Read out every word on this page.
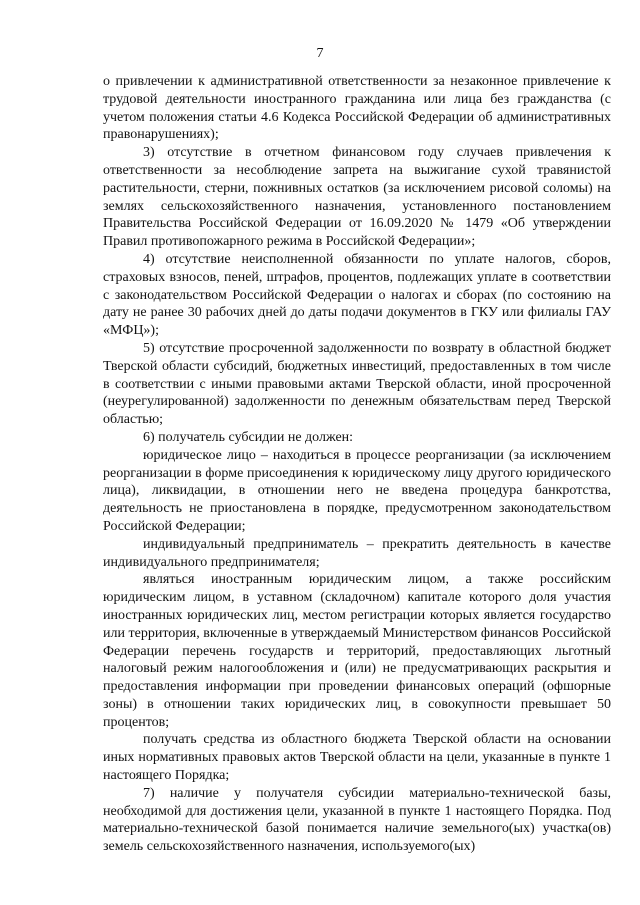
7

о привлечении к административной ответственности за незаконное привлечение к трудовой деятельности иностранного гражданина или лица без гражданства (с учетом положения статьи 4.6 Кодекса Российской Федерации об административных правонарушениях);

3) отсутствие в отчетном финансовом году случаев привлечения к ответственности за несоблюдение запрета на выжигание сухой травянистой растительности, стерни, пожнивных остатков (за исключением рисовой соломы) на землях сельскохозяйственного назначения, установленного постановлением Правительства Российской Федерации от 16.09.2020 № 1479 «Об утверждении Правил противопожарного режима в Российской Федерации»;

4) отсутствие неисполненной обязанности по уплате налогов, сборов, страховых взносов, пеней, штрафов, процентов, подлежащих уплате в соответствии с законодательством Российской Федерации о налогах и сборах (по состоянию на дату не ранее 30 рабочих дней до даты подачи документов в ГКУ или филиалы ГАУ «МФЦ»);

5) отсутствие просроченной задолженности по возврату в областной бюджет Тверской области субсидий, бюджетных инвестиций, предоставленных в том числе в соответствии с иными правовыми актами Тверской области, иной просроченной (неурегулированной) задолженности по денежным обязательствам перед Тверской областью;

6) получатель субсидии не должен:

юридическое лицо – находиться в процессе реорганизации (за исключением реорганизации в форме присоединения к юридическому лицу другого юридического лица), ликвидации, в отношении него не введена процедура банкротства, деятельность не приостановлена в порядке, предусмотренном законодательством Российской Федерации;

индивидуальный предприниматель – прекратить деятельность в качестве индивидуального предпринимателя;

являться иностранным юридическим лицом, а также российским юридическим лицом, в уставном (складочном) капитале которого доля участия иностранных юридических лиц, местом регистрации которых является государство или территория, включенные в утверждаемый Министерством финансов Российской Федерации перечень государств и территорий, предоставляющих льготный налоговый режим налогообложения и (или) не предусматривающих раскрытия и предоставления информации при проведении финансовых операций (офшорные зоны) в отношении таких юридических лиц, в совокупности превышает 50 процентов;

получать средства из областного бюджета Тверской области на основании иных нормативных правовых актов Тверской области на цели, указанные в пункте 1 настоящего Порядка;

7) наличие у получателя субсидии материально-технической базы, необходимой для достижения цели, указанной в пункте 1 настоящего Порядка. Под материально-технической базой понимается наличие земельного(ых) участка(ов) земель сельскохозяйственного назначения, используемого(ых)
